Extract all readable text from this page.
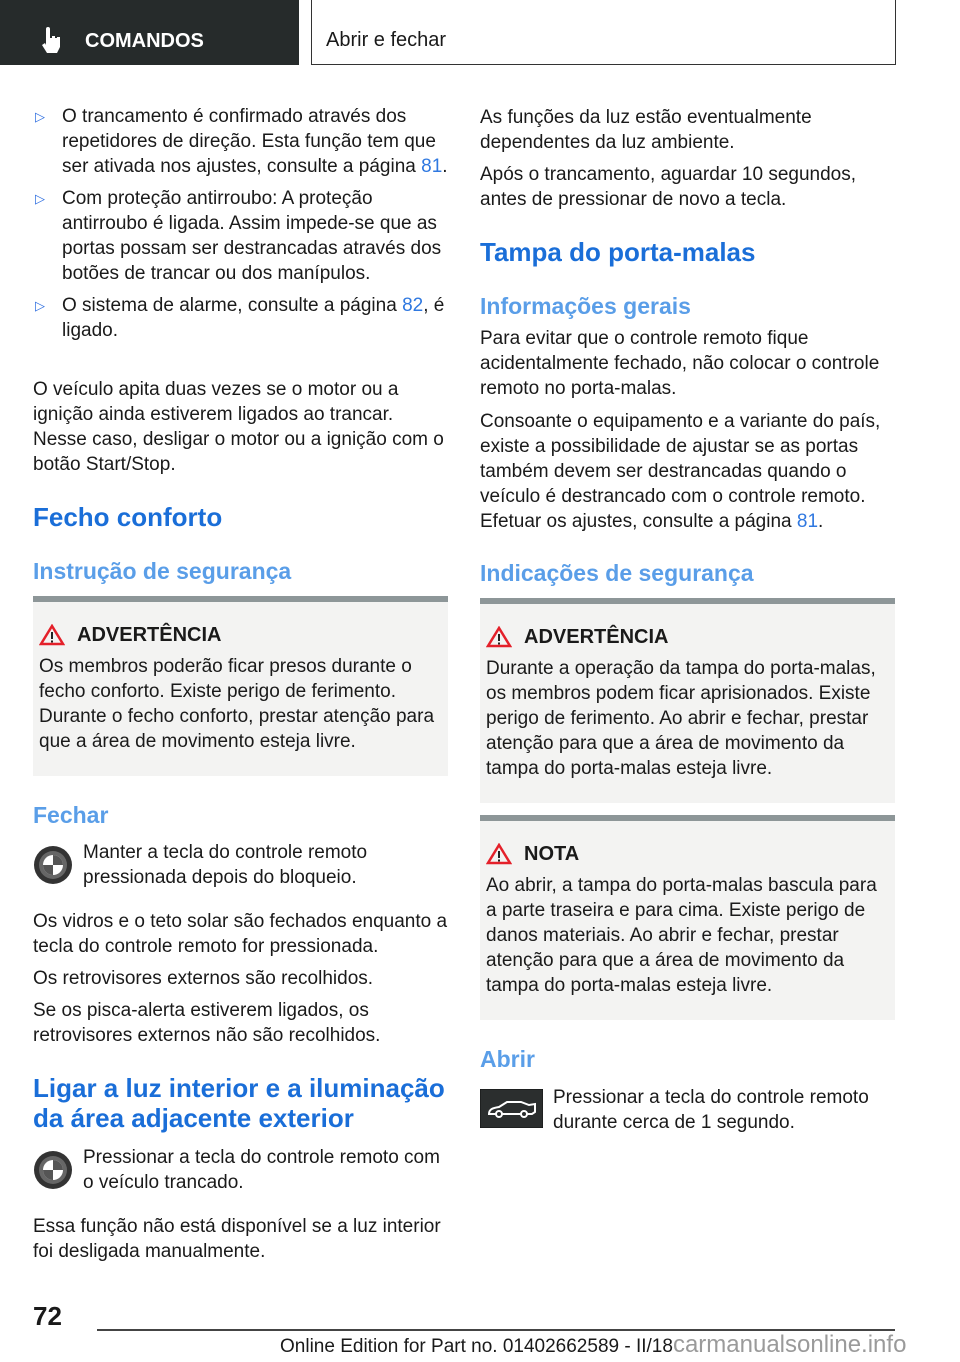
COMANDOS	Abrir e fechar
▷ O trancamento é confirmado através dos repetidores de direção. Esta função tem que ser ativada nos ajustes, consulte a página 81.
▷ Com proteção antirroubo: A proteção antirroubo é ligada. Assim impede-se que as portas possam ser destrancadas através dos botões de trancar ou dos manípulos.
▷ O sistema de alarme, consulte a página 82, é ligado.

O veículo apita duas vezes se o motor ou a ignição ainda estiverem ligados ao trancar. Nesse caso, desligar o motor ou a ignição com o botão Start/Stop.

Fecho conforto
Instrução de segurança
ADVERTÊNCIA

Os membros poderão ficar presos durante o fecho conforto. Existe perigo de ferimento. Durante o fecho conforto, prestar atenção para que a área de movimento esteja livre.

Fechar

Manter a tecla do controle remoto pressionada depois do bloqueio.

Os vidros e o teto solar são fechados enquanto a tecla do controle remoto for pressionada.

Os retrovisores externos são recolhidos.

Se os pisca-alerta estiverem ligados, os retrovisores externos não são recolhidos.

Ligar a luz interior e a iluminação da área adjacente exterior

Pressionar a tecla do controle remoto com o veículo trancado.

Essa função não está disponível se a luz interior foi desligada manualmente.

As funções da luz estão eventualmente dependentes da luz ambiente.

Após o trancamento, aguardar 10 segundos, antes de pressionar de novo a tecla.

Tampa do porta-malas
Informações gerais

Para evitar que o controle remoto fique acidentalmente fechado, não colocar o controle remoto no porta-malas.

Consoante o equipamento e a variante do país, existe a possibilidade de ajustar se as portas também devem ser destrancadas quando o veículo é destrancado com o controle remoto. Efetuar os ajustes, consulte a página 81.

Indicações de segurança
ADVERTÊNCIA

Durante a operação da tampa do porta-malas, os membros podem ficar aprisionados. Existe perigo de ferimento. Ao abrir e fechar, prestar atenção para que a área de movimento da tampa do porta-malas esteja livre.

NOTA

Ao abrir, a tampa do porta-malas bascula para a parte traseira e para cima. Existe perigo de danos materiais. Ao abrir e fechar, prestar atenção para que a área de movimento da tampa do porta-malas esteja livre.

Abrir

Pressionar a tecla do controle remoto durante cerca de 1 segundo.

72
Online Edition for Part no. 01402662589 - II/18carmanualsonline.info
